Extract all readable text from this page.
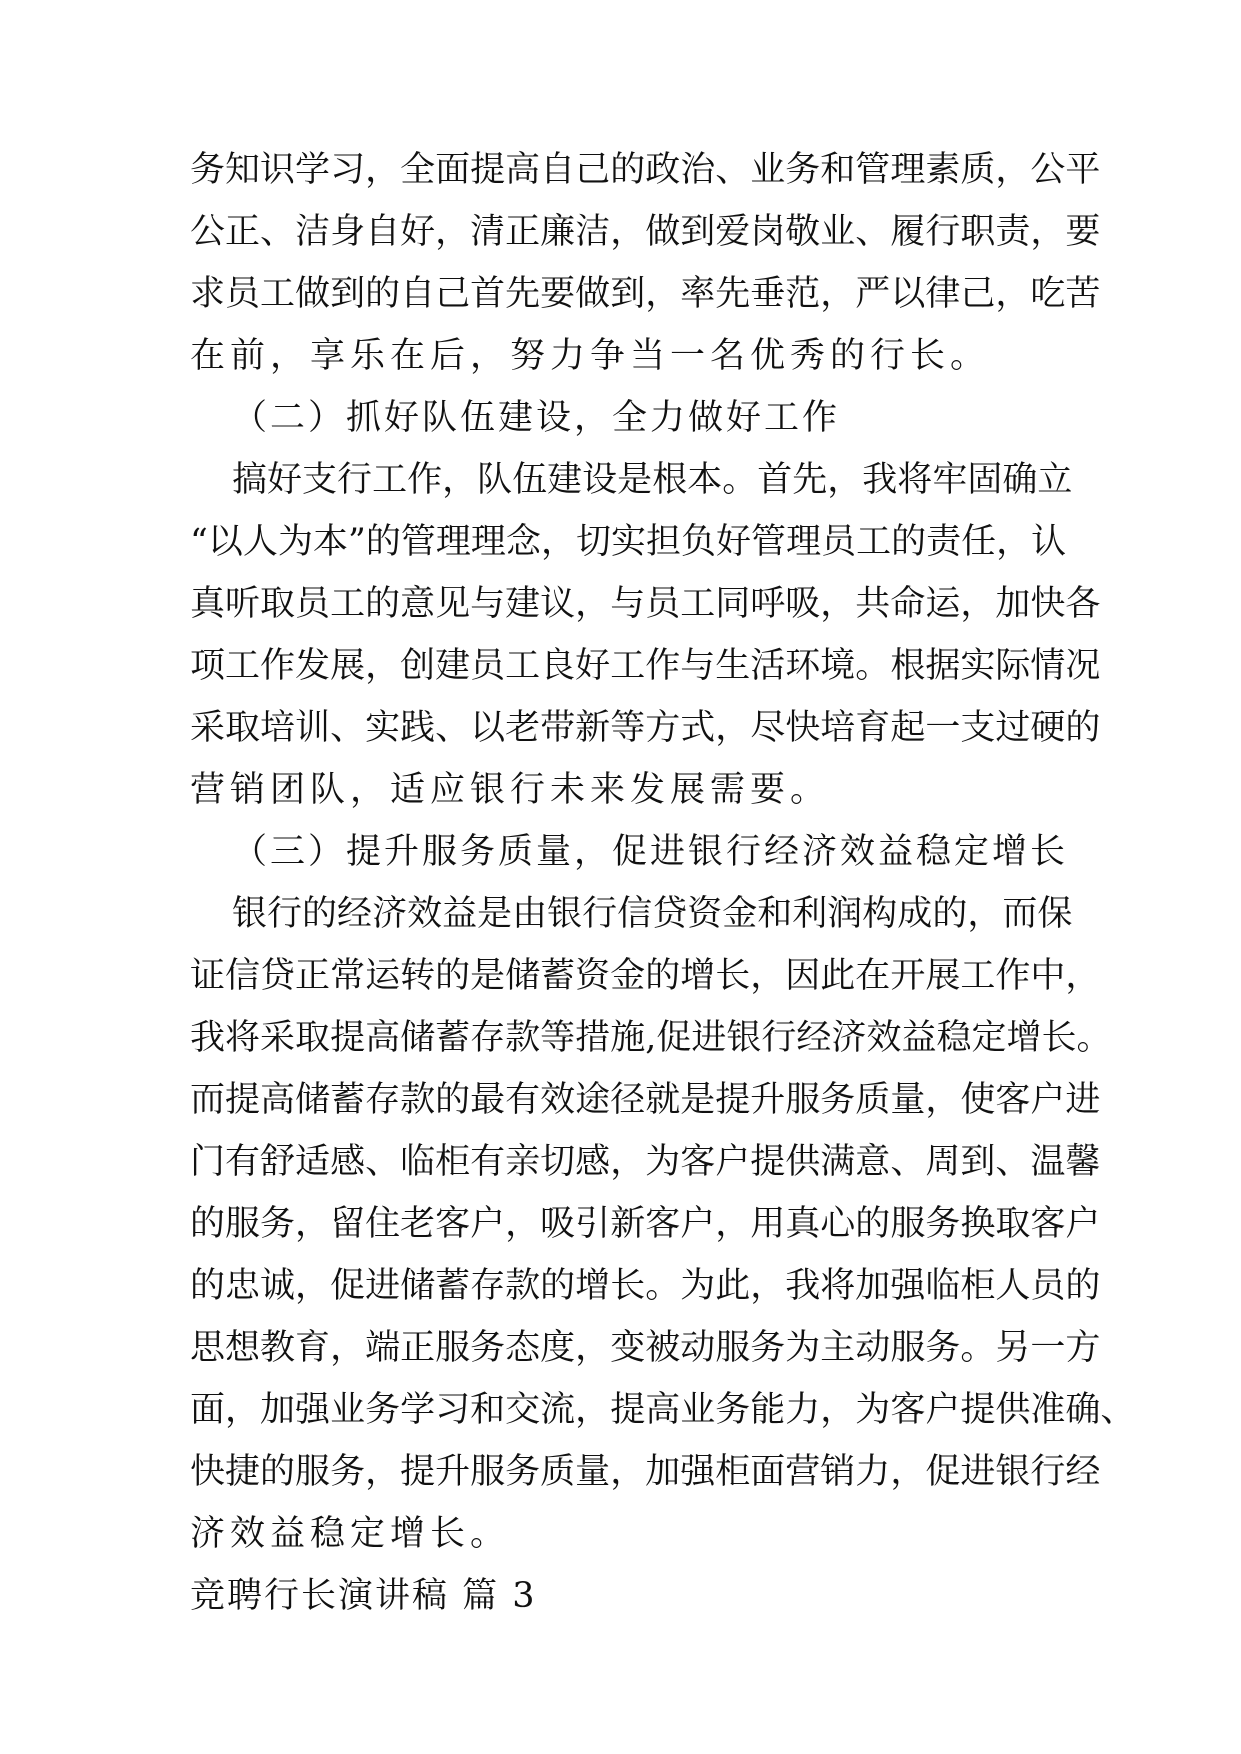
务 知 识 学 习 ， 全 面 提 高 自 己 的 政 治 、 业 务 和 管 理 素 质 ， 公 平
公 正 、 洁 身 自 好 ， 清 正 廉 洁 ， 做 到 爱 岗 敬 业 、 履 行 职 责 ， 要
求 员 工 做 到 的 自 己 首 先 要 做 到 ， 率 先 垂 范 ， 严 以 律 己 ， 吃 苦
在前，享乐在后，努力争当一名优秀的行长。
（二）抓好队伍建设，全力做好工作
搞 好 支 行 工 作 ， 队 伍 建 设 是 根 本 。 首 先 ， 我 将 牢 固 确 立
“ 以 人 为 本 ” 的 管 理 理 念 ， 切 实 担 负 好 管 理 员 工 的 责 任 ， 认
真 听 取 员 工 的 意 见 与 建 议 ， 与 员 工 同 呼 吸 ， 共 命 运 ， 加 快 各
项 工 作 发 展 ， 创 建 员 工 良 好 工 作 与 生 活 环 境 。 根 据 实 际 情 况
采 取 培 训 、 实 践 、 以 老 带 新 等 方 式 ， 尽 快 培 育 起 一 支 过 硬 的
营销团队，适应银行未来发展需要。
（三）提升服务质量，促进银行经济效益稳定增长
银 行 的 经 济 效 益 是 由 银 行 信 贷 资 金 和 利 润 构 成 的 ， 而 保
证 信 贷 正 常 运 转 的 是 储 蓄 资 金 的 增 长 ， 因 此 在 开 展 工 作 中 ，
我 将 采 取 提 高 储 蓄 存 款 等 措 施 , 促 进 银 行 经 济 效 益 稳 定 增 长 。
而 提 高 储 蓄 存 款 的 最 有 效 途 径 就 是 提 升 服 务 质 量 ， 使 客 户 进
门 有 舒 适 感 、 临 柜 有 亲 切 感 ， 为 客 户 提 供 满 意 、 周 到 、 温 馨
的 服 务 ， 留 住 老 客 户 ， 吸 引 新 客 户 ， 用 真 心 的 服 务 换 取 客 户
的 忠 诚 ， 促 进 储 蓄 存 款 的 增 长 。 为 此 ， 我 将 加 强 临 柜 人 员 的
思 想 教 育 ， 端 正 服 务 态 度 ， 变 被 动 服 务 为 主 动 服 务 。 另 一 方
面 ， 加 强 业 务 学 习 和 交 流 ， 提 高 业 务 能 力 ， 为 客 户 提 供 准 确 、
快 捷 的 服 务 ， 提 升 服 务 质 量 ， 加 强 柜 面 营 销 力 ， 促 进 银 行 经
济效益稳定增长。
竞聘行长演讲稿 篇 3
